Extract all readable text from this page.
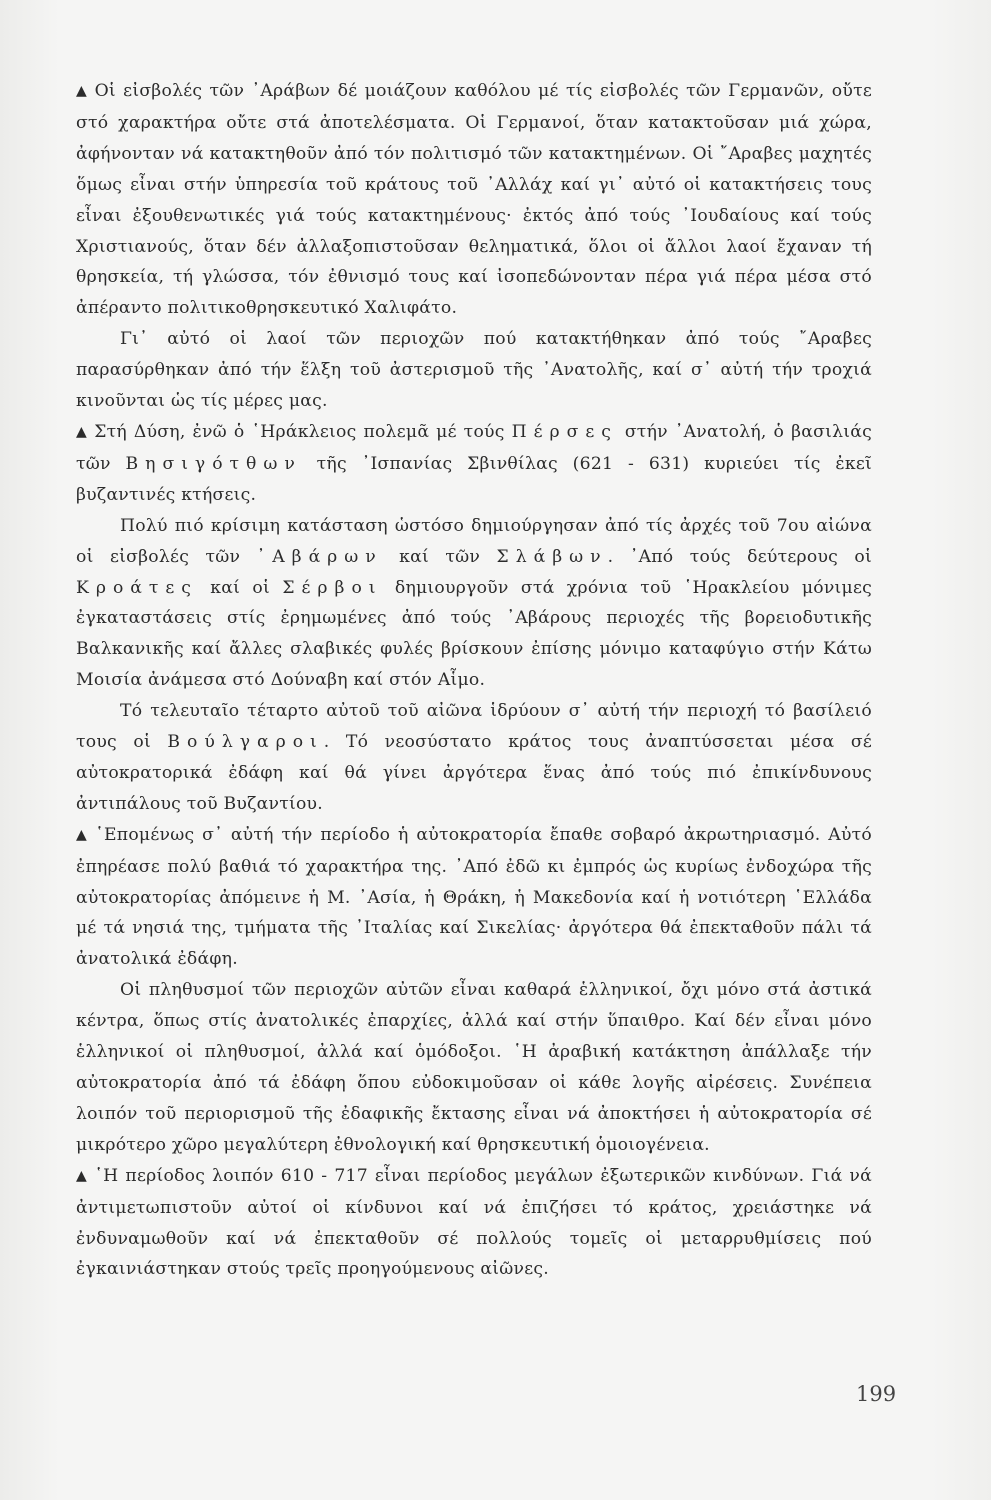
▲ Οἱ εἰσβολές τῶν ᾿Αράβων δέ μοιάζουν καθόλου μέ τίς εἰσβολές τῶν Γερμανῶν, οὔτε στό χαρακτήρα οὔτε στά ἀποτελέσματα. Οἱ Γερμανοί, ὅταν κατακτοῦσαν μιά χώρα, ἀφήνονταν νά κατακτηθοῦν ἀπό τόν πολιτισμό τῶν κατακτημένων. Οἱ ῎Αραβες μαχητές ὅμως εἶναι στήν ὑπηρεσία τοῦ κράτους τοῦ ᾿Αλλάχ καί γι᾿ αὐτό οἱ κατακτήσεις τους εἶναι ἐξουθενωτικές γιά τούς κατακτημένους· ἐκτός ἀπό τούς ᾿Ιουδαίους καί τούς Χριστιανούς, ὅταν δέν ἀλλαξοπιστοῦσαν θεληματικά, ὅλοι οἱ ἄλλοι λαοί ἔχαναν τή θρησκεία, τή γλώσσα, τόν ἐθνισμό τους καί ἰσοπεδώνονταν πέρα γιά πέρα μέσα στό ἀπέραντο πολιτικοθρησκευτικό Χαλιφάτο.

Γι᾿ αὐτό οἱ λαοί τῶν περιοχῶν πού κατακτήθηκαν ἀπό τούς ῎Αραβες παρασύρθηκαν ἀπό τήν ἕλξη τοῦ ἀστερισμοῦ τῆς ᾿Ανατολῆς, καί σ᾿ αὐτή τήν τροχιά κινοῦνται ὡς τίς μέρες μας.

▲ Στή Δύση, ἐνῶ ὁ ῾Ηράκλειος πολεμᾶ μέ τούς Πέρσες στήν ᾿Ανατολή, ὁ βασιλιάς τῶν Βησιγότθων τῆς ᾿Ισπανίας Σβινθίλας (621 - 631) κυριεύει τίς ἐκεῖ βυζαντινές κτήσεις.

Πολύ πιό κρίσιμη κατάσταση ὡστόσο δημιούργησαν ἀπό τίς ἀρχές τοῦ 7ου αἰώνα οἱ εἰσβολές τῶν ᾿Αβάρων καί τῶν Σλάβων. ᾿Από τούς δεύτερους οἱ Κροάτες καί οἱ Σέρβοι δημιουργοῦν στά χρόνια τοῦ ῾Ηρακλείου μόνιμες ἐγκαταστάσεις στίς ἐρημωμένες ἀπό τούς ᾿Αβάρους περιοχές τῆς βορειοδυτικῆς Βαλκανικῆς καί ἄλλες σλαβικές φυλές βρίσκουν ἐπίσης μόνιμο καταφύγιο στήν Κάτω Μοισία ἀνάμεσα στό Δούναβη καί στόν Αἷμο.

Τό τελευταῖο τέταρτο αὐτοῦ τοῦ αἰῶνα ἱδρύουν σ᾿ αὐτή τήν περιοχή τό βασίλειό τους οἱ Βούλγαροι. Τό νεοσύστατο κράτος τους ἀναπτύσσεται μέσα σέ αὐτοκρατορικά ἐδάφη καί θά γίνει ἀργότερα ἕνας ἀπό τούς πιό ἐπικίνδυνους ἀντιπάλους τοῦ Βυζαντίου.

▲ ῾Επομένως σ᾿ αὐτή τήν περίοδο ἡ αὐτοκρατορία ἔπαθε σοβαρό ἀκρωτηριασμό. Αὐτό ἐπηρέασε πολύ βαθιά τό χαρακτήρα της. ᾿Από ἐδῶ κι ἐμπρός ὡς κυρίως ἐνδοχώρα τῆς αὐτοκρατορίας ἀπόμεινε ἡ Μ. ᾿Ασία, ἡ Θράκη, ἡ Μακεδονία καί ἡ νοτιότερη ῾Ελλάδα μέ τά νησιά της, τμήματα τῆς ᾿Ιταλίας καί Σικελίας· ἀργότερα θά ἐπεκταθοῦν πάλι τά ἀνατολικά ἐδάφη.

Οἱ πληθυσμοί τῶν περιοχῶν αὐτῶν εἶναι καθαρά ἑλληνικοί, ὄχι μόνο στά ἀστικά κέντρα, ὅπως στίς ἀνατολικές ἐπαρχίες, ἀλλά καί στήν ὕπαιθρο. Καί δέν εἶναι μόνο ἑλληνικοί οἱ πληθυσμοί, ἀλλά καί ὁμόδοξοι. ῾Η ἀραβική κατάκτηση ἀπάλλαξε τήν αὐτοκρατορία ἀπό τά ἐδάφη ὅπου εὐδοκιμοῦσαν οἱ κάθε λογῆς αἱρέσεις. Συνέπεια λοιπόν τοῦ περιορισμοῦ τῆς ἐδαφικῆς ἔκτασης εἶναι νά ἀποκτήσει ἡ αὐτοκρατορία σέ μικρότερο χῶρο μεγαλύτερη ἐθνολογική καί θρησκευτική ὁμοιογένεια.

▲ ῾Η περίοδος λοιπόν 610 - 717 εἶναι περίοδος μεγάλων ἐξωτερικῶν κινδύνων. Γιά νά ἀντιμετωπιστοῦν αὐτοί οἱ κίνδυνοι καί νά ἐπιζήσει τό κράτος, χρειάστηκε νά ἐνδυναμωθοῦν καί νά ἐπεκταθοῦν σέ πολλούς τομεῖς οἱ μεταρρυθμίσεις πού ἐγκαινιάστηκαν στούς τρεῖς προηγούμενους αἰῶνες.

199
